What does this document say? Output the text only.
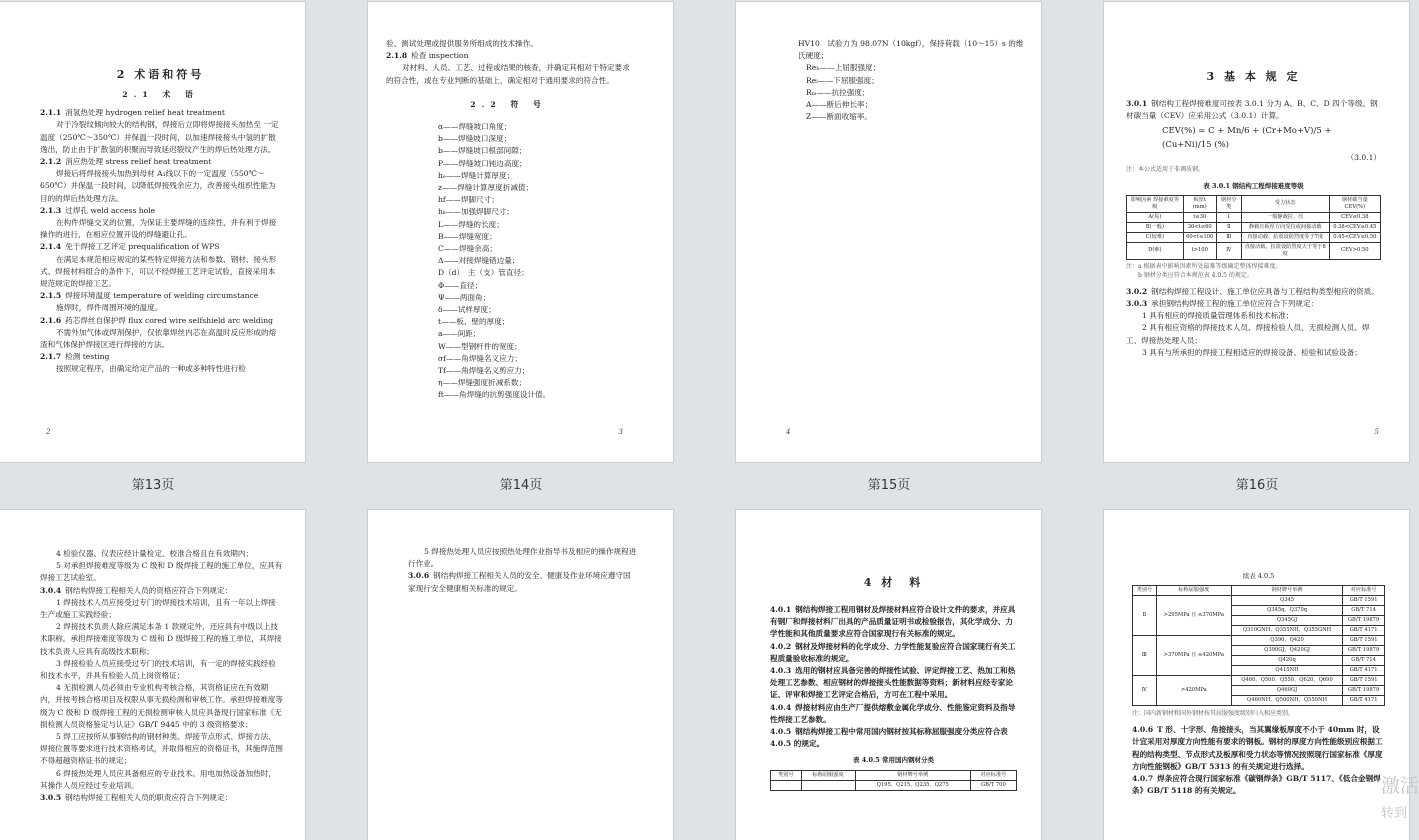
2 术语和符号
2.1 术 语
2.1.1 消氢热处理 hydrogen relief heat treatment
对于冷裂纹倾向较大的结构钢，焊接后立即将焊接接头加热至 一定温度（250℃～350℃）并保温一段时间，以加速焊接接头中氢的扩散逸出，防止由于扩散氢的积聚而导致延迟裂纹产生的焊后热处理方法。
2.1.2 消应热处理 stress relief heat treatment
焊接后将焊接接头加热到母材 A₁线以下的一定温度（550℃～650℃）并保温一段时间，以降低焊接残余应力，改善接头组织性能为目的的焊后热处理方法。
2.1.3 过焊孔 weld access hole
在构件焊缝交叉的位置，为保证主要焊缝的连续性，并有利于焊接操作的进行，在相应位置开设的焊缝避让孔。
2.1.4 免于焊接工艺评定 prequalification of WPS
在满足本规范相应规定的某些特定焊接方法和参数、钢材、接头形式、焊接材料组合的条件下，可以不经焊接工艺评定试验，直接采用本规范规定的焊接工艺。
2.1.5 焊接环境温度 temperature of welding circumstance
施焊时，焊件周围环境的温度。
2.1.6 药芯焊丝自保护焊 flux cored wire selfshield arc welding
不需外加气体或焊剂保护，仅依靠焊丝内芯在高温时反应形成的熔渣和气体保护焊接区进行焊接的方法。
2.1.7 检测 testing
按照规定程序，由确定给定产品的一种或多种特性进行检
2
第13页
验、测试处理或提供服务所组成的技术操作。
2.1.8 检查 inspection
对材料、人员、工艺、过程或结果的核查，并确定其相对于特定要求的符合性，或在专业判断的基础上，确定相对于通用要求的符合性。
2.2 符 号
α——焊缝坡口角度；
b——焊缝坡口深度；
b——焊缝坡口根部间隙；
P——焊缝坡口钝边高度；
hₑ——焊缝计算厚度；
z——焊缝计算厚度折减值；
hf——焊脚尺寸；
hₖ——加强焊脚尺寸；
L——焊缝的长度；
B——焊缝宽度；
C——焊缝余高；
Δ——对接焊缝错边量；
D（d）　主（支）管直径；
Φ——直径；
Ψ——两面角；
δ——试样厚度；
t——板、壁的厚度；
a——间距；
W——型钢杆件的宽度；
σf——角焊缝名义应力；
Tf——角焊缝名义剪应力；
η——焊缝强度折减系数；
ft——角焊缝的抗剪强度设计值。
3
第14页
HV10　试验力为 98.07N（10kgf），保持荷载（10～15）s 的维氏硬度；
Reₕ——上屈服强度；
Reₗ——下屈服强度；
Rₘ——抗拉强度；
A——断后伸长率；
Z——断面收缩率。
4
第15页
3 基 本 规 定
3.0.1 钢结构工程焊接难度可按表 3.0.1 分为 A、B、C、D 四个等级。钢材碳当量（CEV）应采用公式（3.0.1）计算。
CEV(%) = C + Mn/6 + (Cr+Mo+V)/5 + (Cu+Ni)/15 (%)
（3.0.1）
注：本公式适用于非调质钢。
表 3.0.1 钢结构工程焊接难度等级
影响因素 焊接难度等级	板厚t (mm)	钢材分类	受力状态	钢材碳当量CEV(%)
A(易)	t≤30	Ⅰ	一般静载拉、压	CEV≤0.38
B(一般)	30<t≤60	Ⅱ	静载且板厚方向受拉或间接动载	0.38<CEV≤0.45
C(较难)	60<t≤100	Ⅲ	直接动载、抗震设防烈度等于7度	0.45<CEV≤0.50
D(难)	t>100	Ⅳ	直接动载、抗震设防烈度大于等于8度	CEV>0.50
注：a 根据表中影响因素所处最难等级确定整体焊接难度。
b 钢材分类应符合本规范表 4.0.5 的规定。
3.0.2 钢结构焊接工程设计、施工单位应具备与工程结构类型相应的资质。
3.0.3 承担钢结构焊接工程的施工单位应符合下列规定：
1 具有相应的焊接质量管理体系和技术标准；
2 具有相应资格的焊接技术人员、焊接检验人员、无损检测人员、焊工、焊接热处理人员；
3 具有与所承担的焊接工程相适应的焊接设备、检验和试验设备；
5
第16页
4 检验仪器、仪表应经计量检定、校准合格且在有效期内；
5 对承担焊接难度等级为 C 级和 D 级焊接工程的施工单位，应具有焊接工艺试验室。
3.0.4 钢结构焊接工程相关人员的资格应符合下列规定：
1 焊接技术人员应接受过专门的焊接技术培训，且有一年以上焊接生产或施工实践经验；
2 焊接技术负责人除应满足本条 1 款规定外，还应具有中级以上技术职称。承担焊接难度等级为 C 级和 D 级焊接工程的施工单位，其焊接技术负责人应具有高级技术职称；
3 焊接检验人员应接受过专门的技术培训，有一定的焊接实践经验和技术水平，并具有检验人员上岗资格证；
4 无损检测人员必须由专业机构考核合格，其资格证应在有效期内，并按考核合格项目及权限从事无损检测和审核工作。承担焊接难度等级为 C 级和 D 级焊接工程的无损检测审核人员应具备现行国家标准《无损检测人员资格鉴定与认证》GB/T 9445 中的 3 级资格要求；
5 焊工应按所从事钢结构的钢材种类、焊接节点形式、焊接方法、焊接位置等要求进行技术资格考试，并取得相应的资格证书，其施焊范围不得超越资格证书的规定；
6 焊接热处理人员应具备相应的专业技术。用电加热设备加热时，其操作人员应经过专业培训。
3.0.5 钢结构焊接工程相关人员的职责应符合下列规定：
5 焊接热处理人员应按照热处理作业指导书及相应的操作规程进行作业。
3.0.6 钢结构焊接工程相关人员的安全、健康及作业环境应遵守国家现行安全健康相关标准的规定。	4 材　料
4.0.1 钢结构焊接工程用钢材及焊接材料应符合设计文件的要求，并应具有钢厂和焊接材料厂出具的产品质量证明书或检验报告，其化学成分、力学性能和其他质量要求应符合国家现行有关标准的规定。
4.0.2 钢材及焊接材料的化学成分、力学性能复验应符合国家现行有关工程质量验收标准的规定。
4.0.3 选用的钢材应具备完善的焊接性试验、评定焊接工艺、热加工和热处理工艺参数、相应钢材的焊接接头性能数据等资料；新材料应经专家论证、评审和焊接工艺评定合格后，方可在工程中采用。
4.0.4 焊接材料应由生产厂提供熔敷金属化学成分、性能鉴定资料及指导性焊接工艺参数。
4.0.5 钢结构焊接工程中常用国内钢材按其标称屈服强度分类应符合表 4.0.5 的规定。
表 4.0.5 常用国内钢材分类
类别号	标称屈服强度	钢材牌号举例	对应标准号
		Q195、Q215、Q235、Q275	GB/T 700
续表 4.0.5
类别号	标称屈服强度	钢材牌号举例	对应标准号
Ⅱ	>295MPa 且 ≤370MPa	Q345	GB/T 1591
		Q345q、Q370q	GB/T 714
		Q345GJ	GB/T 19879
		Q310GNH、Q355NH、Q355GNH	GB/T 4171
Ⅲ	>370MPa 且 ≤420MPa	Q390、Q420	GB/T 1591
		Q390GJ、Q420GJ	GB/T 19879
		Q420q	GB/T 714
		Q415NH	GB/T 4171
Ⅳ	>420MPa	Q460、Q500、Q550、Q620、Q690	GB/T 1591
		Q460GJ	GB/T 19879
		Q460NH、Q500NH、Q550NH	GB/T 4171
注：国内新钢材和国外钢材按其屈服强度级别归入相应类别。
4.0.6 T 形、十字形、角接接头，当其翼缘板厚度不小于 40mm 时，设计宜采用对厚度方向性能有要求的钢板。钢材的厚度方向性能级别应根据工程的结构类型、节点形式及板厚和受力状态等情况按照现行国家标准《厚度方向性能钢板》GB/T 5313 的有关规定进行选择。
4.0.7 焊条应符合现行国家标准《碳钢焊条》GB/T 5117、《低合金钢焊条》GB/T 5118 的有关规定。	激活
转到
